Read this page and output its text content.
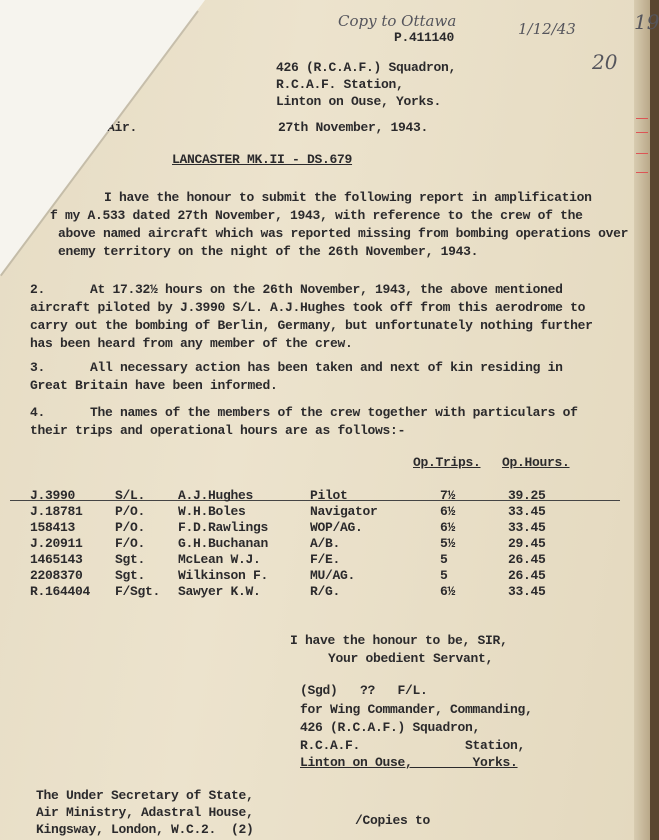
Copy to Ottawa	1/12/43
20
19
P.411140
426 (R.C.A.F.) Squadron,
R.C.A.F. Station,
Linton on Ouse, Yorks.
d/Air.	27th November, 1943.
LANCASTER MK.II - DS.679
I have the honour to submit the following report in amplification
f my A.533 dated 27th November, 1943, with reference to the crew of the
above named aircraft which was reported missing from bombing operations over
enemy territory on the night of the 26th November, 1943.
2.      At 17.32½ hours on the 26th November, 1943, the above mentioned
aircraft piloted by J.3990 S/L. A.J.Hughes took off from this aerodrome to
carry out the bombing of Berlin, Germany, but unfortunately nothing further
has been heard from any member of the crew.
3.      All necessary action has been taken and next of kin residing in
Great Britain have been informed.
4.      The names of the members of the crew together with particulars of
their trips and operational hours are as follows:-
Op.Trips. Op.Hours.
J.3990	S/L.	A.J.Hughes	Pilot	7½	39.25
J.18781 P/O.	W.H.Boles	Navigator	6½	33.45
158413	P/O.	F.D.Rawlings	WOP/AG.	6½	33.45
J.20911 F/O.	G.H.Buchanan	A/B.	5½	29.45
1465143 Sgt.	McLean W.J.	F/E.	5	26.45
2208370 Sgt.	Wilkinson F.	MU/AG.	5	26.45
R.164404 F/Sgt. Sawyer K.W.	R/G.	6½	33.45
I have the honour to be, SIR,
Your obedient Servant,
(Sgd)   ??   F/L.
for Wing Commander, Commanding,
426 (R.C.A.F.) Squadron,
R.C.A.F.              Station,
Linton on Ouse,        Yorks.
The Under Secretary of State,
Air Ministry, Adastral House,
Kingsway, London, W.C.2.  (2)
/Copies to
